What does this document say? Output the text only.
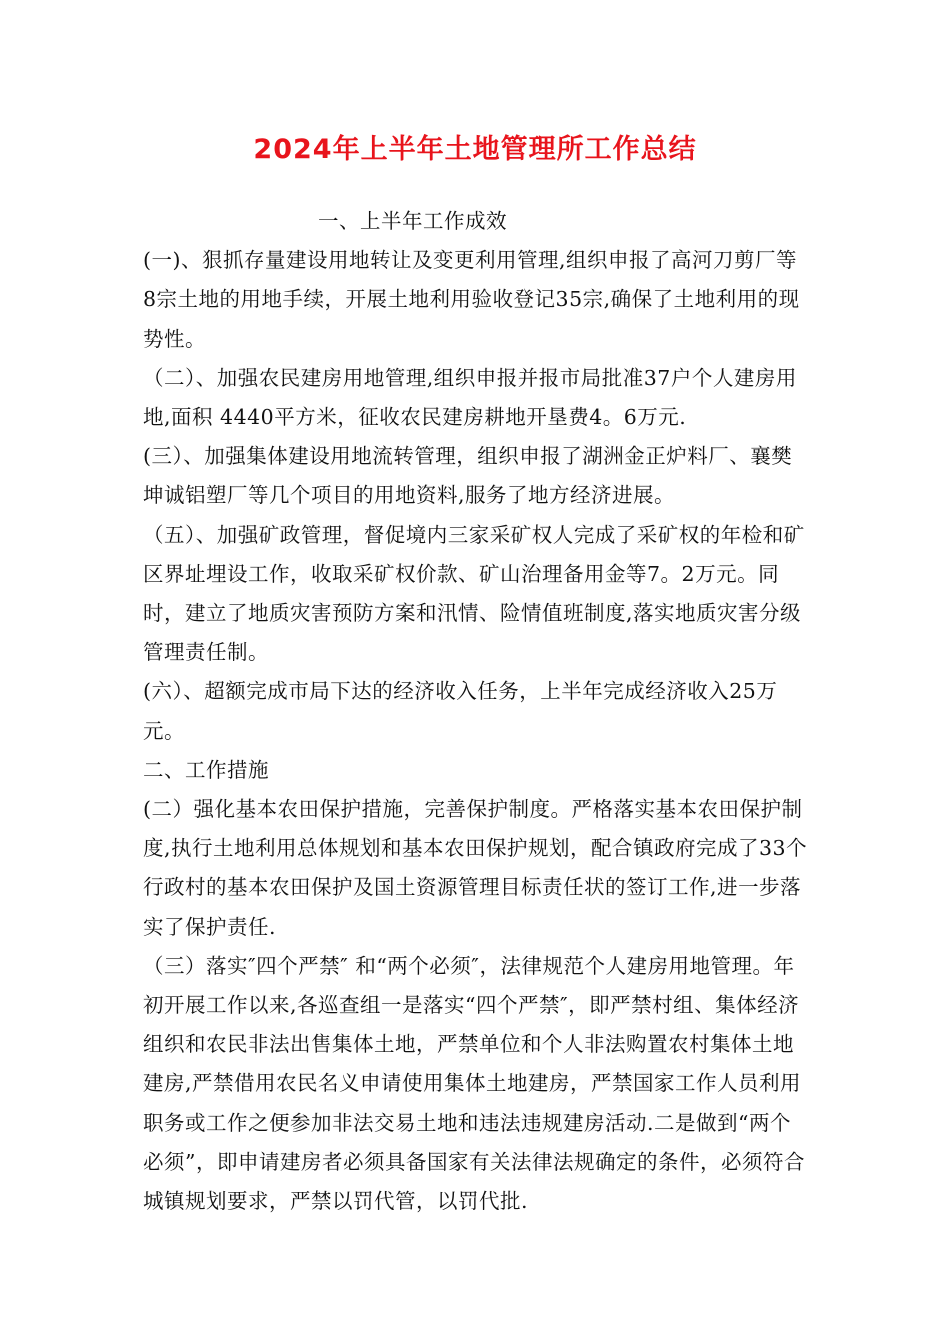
2024年上半年土地管理所工作总结

一、上半年工作成效

(一)、狠抓存量建设用地转让及变更利用管理,组织申报了高河刀剪厂等8宗土地的用地手续，开展土地利用验收登记35宗,确保了土地利用的现势性。

（二）、加强农民建房用地管理,组织申报并报市局批准37户个人建房用地,面积 4440平方米，征收农民建房耕地开垦费4。6万元.

(三）、加强集体建设用地流转管理，组织申报了湖洲金正炉料厂、襄樊坤诚铝塑厂等几个项目的用地资料,服务了地方经济进展。

（五）、加强矿政管理，督促境内三家采矿权人完成了采矿权的年检和矿区界址埋设工作，收取采矿权价款、矿山治理备用金等7。2万元。同时，建立了地质灾害预防方案和汛情、险情值班制度,落实地质灾害分级管理责任制。

(六）、超额完成市局下达的经济收入任务，上半年完成经济收入25万元。

二、工作措施

(二）强化基本农田保护措施，完善保护制度。严格落实基本农田保护制度,执行土地利用总体规划和基本农田保护规划，配合镇政府完成了33个行政村的基本农田保护及国土资源管理目标责任状的签订工作,进一步落实了保护责任.

（三）落实″四个严禁″ 和“两个必须″，法律规范个人建房用地管理。年初开展工作以来,各巡查组一是落实“四个严禁″，即严禁村组、集体经济组织和农民非法出售集体土地，严禁单位和个人非法购置农村集体土地建房,严禁借用农民名义申请使用集体土地建房，严禁国家工作人员利用职务或工作之便参加非法交易土地和违法违规建房活动.二是做到“两个必须”，即申请建房者必须具备国家有关法律法规确定的条件，必须符合城镇规划要求，严禁以罚代管，以罚代批.
